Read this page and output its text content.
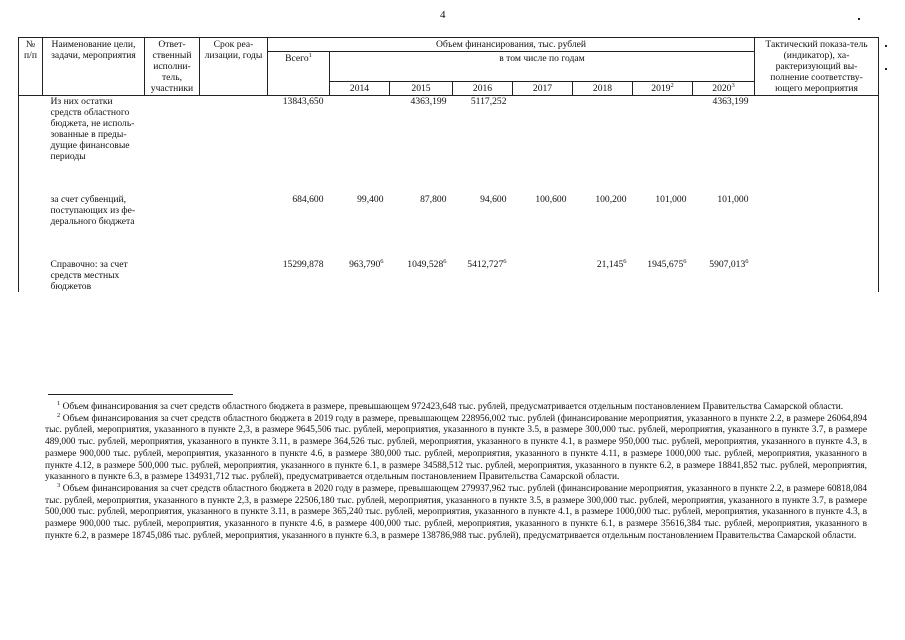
4
№ п/п	Наименование цели, задачи, мероприятия	Ответ-ственный исполни-тель, участники	Срок реа-лизации, годы	Объем финансирования, тыс. рублей								Тактический показа-тель (индикатор), ха-рактеризующий вы-полнение соответству-ющего мероприятия
				Всего$^1$	в том числе по годам							
					2014	2015	2016	2017	2018	2019$^2$	2020$^3$
	Из них остатки средств областного бюджета, не исполь-зованные в преды-дущие финансовые периоды			13843,650		4363,199	5117,252				4363,199	
	за счет субвенций, поступающих из фе-дерального бюджета			684,600	99,400	87,800	94,600	100,600	100,200	101,000	101,000	
	Справочно: за счет средств местных бюджетов			15299,878	963,790$^6$	1049,528$^6$	5412,727$^6$		21,145$^6$	1945,675$^6$	5907,013$^6$	

$^1$ Объем финансирования за счет средств областного бюджета в размере, превышающем 972423,648 тыс. рублей, предусматривается отдельным постановлением Правительства Самарской области.

$^2$ Объем финансирования за счет средств областного бюджета в 2019 году в размере, превышающем 228956,002 тыс. рублей (финансирование мероприятия, указанного в пункте 2.2, в размере 26064,894 тыс. рублей, мероприятия, указанного в пункте 2,3, в размере 9645,506 тыс. рублей, мероприятия, указанного в пункте 3.5, в размере 300,000 тыс. рублей, мероприятия, указанного в пункте 3.7, в размере 489,000 тыс. рублей, мероприятия, указанного в пункте 3.11, в размере 364,526 тыс. рублей, мероприятия, указанного в пункте 4.1, в размере 950,000 тыс. рублей, мероприятия, указанного в пункте 4.3, в размере 900,000 тыс. рублей, мероприятия, указанного в пункте 4.6, в размере 380,000 тыс. рублей, мероприятия, указанного в пункте 4.11, в размере 1000,000 тыс. рублей, мероприятия, указанного в пункте 4.12, в размере 500,000 тыс. рублей, мероприятия, указанного в пункте 6.1, в размере 34588,512 тыс. рублей, мероприятия, указанного в пункте 6.2, в размере 18841,852 тыс. рублей, мероприятия, указанного в пункте 6.3, в размере 134931,712 тыс. рублей), предусматривается отдельным постановлением Правительства Самарской области.

$^3$ Объем финансирования за счет средств областного бюджета в 2020 году в размере, превышающем 279937,962 тыс. рублей (финансирование мероприятия, указанного в пункте 2.2, в размере 60818,084 тыс. рублей, мероприятия, указанного в пункте 2,3, в размере 22506,180 тыс. рублей, мероприятия, указанного в пункте 3.5, в размере 300,000 тыс. рублей, мероприятия, указанного в пункте 3.7, в размере 500,000 тыс. рублей, мероприятия, указанного в пункте 3.11, в размере 365,240 тыс. рублей, мероприятия, указанного в пункте 4.1, в размере 1000,000 тыс. рублей, мероприятия, указанного в пункте 4.3, в размере 900,000 тыс. рублей, мероприятия, указанного в пункте 4.6, в размере 400,000 тыс. рублей, мероприятия, указанного в пункте 6.1, в размере 35616,384 тыс. рублей, мероприятия, указанного в пункте 6.2, в размере 18745,086 тыс. рублей, мероприятия, указанного в пункте 6.3, в размере 138786,988 тыс. рублей), предусматривается отдельным постановлением Правительства Самарской области.
